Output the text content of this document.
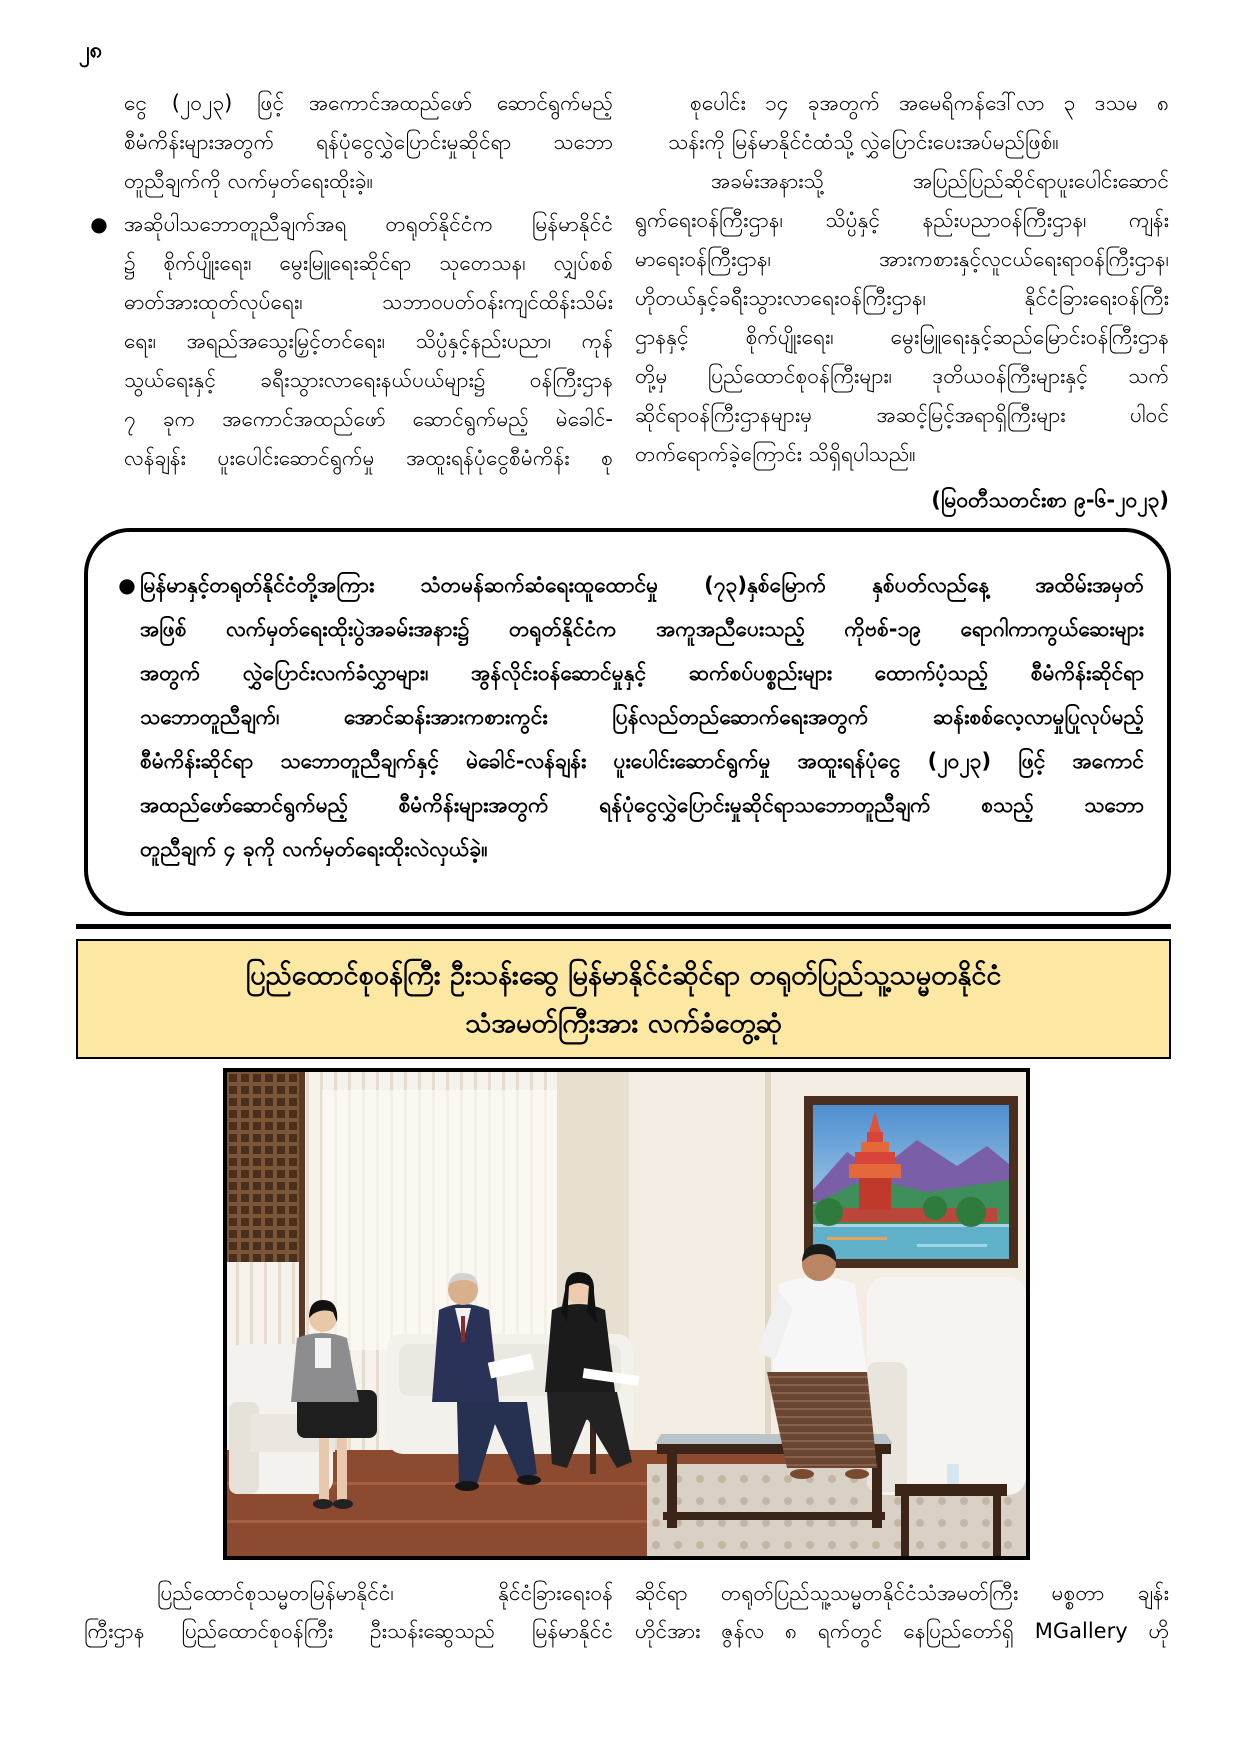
၂၈
ငွေ (၂၀၂၃) ဖြင့် အကောင်အထည်ဖော် ဆောင်ရွက်မည့်
စီမံကိန်းများအတွက် ရန်ပုံငွေလွှဲပြောင်းမှုဆိုင်ရာ သဘော
တူညီချက်ကို လက်မှတ်ရေးထိုးခဲ့။
● အဆိုပါသဘောတူညီချက်အရ တရုတ်နိုင်ငံက မြန်မာနိုင်ငံ
၌ စိုက်ပျိုးရေး၊ မွေးမြူရေးဆိုင်ရာ သုတေသန၊ လျှပ်စစ်
ဓာတ်အားထုတ်လုပ်ရေး၊ သဘာဝပတ်ဝန်းကျင်ထိန်းသိမ်း
ရေး၊ အရည်အသွေးမြှင့်တင်ရေး၊ သိပ္ပံနှင့်နည်းပညာ၊ ကုန်
သွယ်ရေးနှင့် ခရီးသွားလာရေးနယ်ပယ်များ၌ ဝန်ကြီးဌာန
၇ ခုက အကောင်အထည်ဖော် ဆောင်ရွက်မည့် မဲခေါင်-
လန်ချန်း ပူးပေါင်းဆောင်ရွက်မှု အထူးရန်ပုံငွေစီမံကိန်း စု
စုပေါင်း ၁၄ ခုအတွက် အမေရိကန်ဒေါ်လာ ၃ ဒသမ ၈
သန်းကို မြန်မာနိုင်ငံထံသို့ လွှဲပြောင်းပေးအပ်မည်ဖြစ်။
အခမ်းအနားသို့ အပြည်ပြည်ဆိုင်ရာပူးပေါင်းဆောင်
ရွက်ရေးဝန်ကြီးဌာန၊ သိပ္ပံနှင့် နည်းပညာဝန်ကြီးဌာန၊ ကျန်း
မာရေးဝန်ကြီးဌာန၊ အားကစားနှင့်လူငယ်ရေးရာဝန်ကြီးဌာန၊
ဟိုတယ်နှင့်ခရီးသွားလာရေးဝန်ကြီးဌာန၊ နိုင်ငံခြားရေးဝန်ကြီး
ဌာနနှင့် စိုက်ပျိုးရေး၊ မွေးမြူရေးနှင့်ဆည်မြောင်းဝန်ကြီးဌာန
တို့မှ ပြည်ထောင်စုဝန်ကြီးများ၊ ဒုတိယဝန်ကြီးများနှင့် သက်
ဆိုင်ရာဝန်ကြီးဌာနများမှ အဆင့်မြင့်အရာရှိကြီးများ ပါဝင်
တက်ရောက်ခဲ့ကြောင်း သိရှိရပါသည်။
(မြဝတီသတင်းစာ ၉-၆-၂၀၂၃)
● မြန်မာနှင့်တရုတ်နိုင်ငံတို့အကြား သံတမန်ဆက်ဆံရေးထူထောင်မှု (၇၃)နှစ်မြောက် နှစ်ပတ်လည်နေ့ အထိမ်းအမှတ်
အဖြစ် လက်မှတ်ရေးထိုးပွဲအခမ်းအနား၌ တရုတ်နိုင်ငံက အကူအညီပေးသည့် ကိုဗစ်-၁၉ ရောဂါကာကွယ်ဆေးများ
အတွက် လွှဲပြောင်းလက်ခံလွှာများ၊ အွန်လိုင်းဝန်ဆောင်မှုနှင့် ဆက်စပ်ပစ္စည်းများ ထောက်ပံ့သည့် စီမံကိန်းဆိုင်ရာ
သဘောတူညီချက်၊ အောင်ဆန်းအားကစားကွင်း ပြန်လည်တည်ဆောက်ရေးအတွက် ဆန်းစစ်လေ့လာမှုပြုလုပ်မည့်
စီမံကိန်းဆိုင်ရာ သဘောတူညီချက်နှင့် မဲခေါင်-လန်ချန်း ပူးပေါင်းဆောင်ရွက်မှု အထူးရန်ပုံငွေ (၂၀၂၃) ဖြင့် အကောင်
အထည်ဖော်ဆောင်ရွက်မည့် စီမံကိန်းများအတွက် ရန်ပုံငွေလွှဲပြောင်းမှုဆိုင်ရာသဘောတူညီချက် စသည့် သဘော
တူညီချက် ၄ ခုကို လက်မှတ်ရေးထိုးလဲလှယ်ခဲ့။
ပြည်ထောင်စုဝန်ကြီး ဦးသန်းဆွေ မြန်မာနိုင်ငံဆိုင်ရာ တရုတ်ပြည်သူ့သမ္မတနိုင်ငံ
သံအမတ်ကြီးအား လက်ခံတွေ့ဆုံ
ပြည်ထောင်စုသမ္မတမြန်မာနိုင်ငံ၊ နိုင်ငံခြားရေးဝန်
ကြီးဌာန ပြည်ထောင်စုဝန်ကြီး ဦးသန်းဆွေသည် မြန်မာနိုင်ငံ
ဆိုင်ရာ တရုတ်ပြည်သူ့သမ္မတနိုင်ငံသံအမတ်ကြီး မစ္စတာ ချန်း
ဟိုင်အား ဇွန်လ ၈ ရက်တွင် နေပြည်တော်ရှိ MGallery ဟို
